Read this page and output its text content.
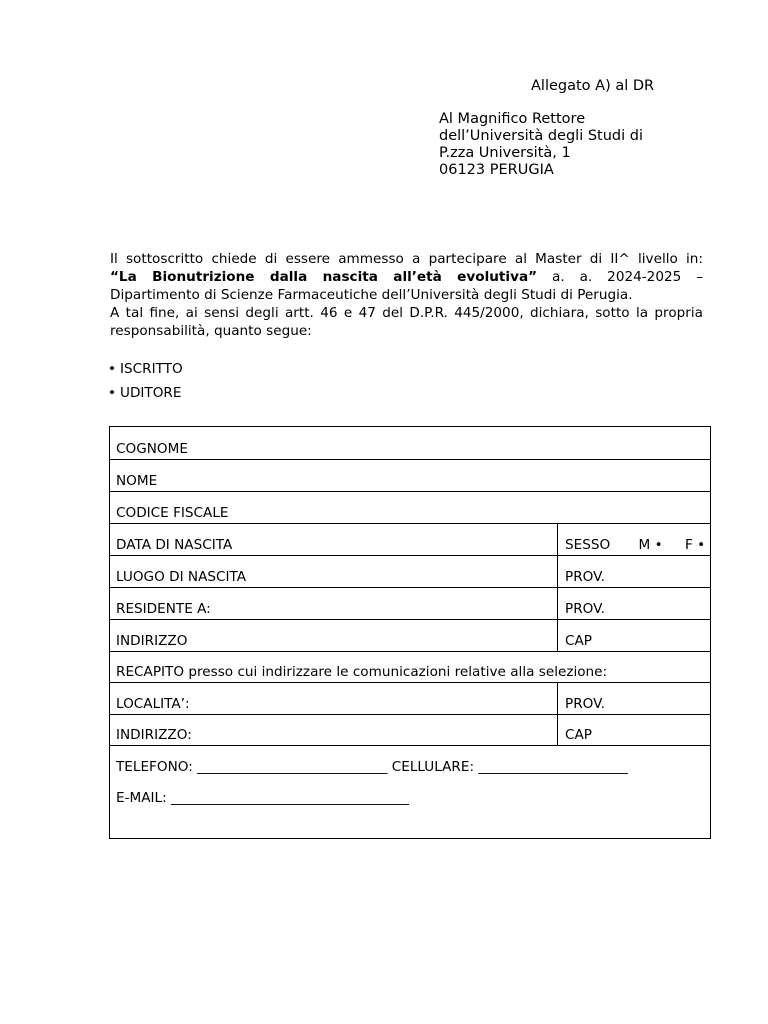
Allegato A) al DR
Al Magnifico Rettore
dell’Università degli Studi di
P.zza Università, 1
06123 PERUGIA
Il sottoscritto chiede di essere ammesso a partecipare al Master di II^ livello in:
“La Bionutrizione dalla nascita all’età evolutiva” a. a. 2024-2025 –
Dipartimento di Scienze Farmaceutiche dell’Università degli Studi di Perugia.
A tal fine, ai sensi degli artt. 46 e 47 del D.P.R. 445/2000, dichiara, sotto la propria
responsabilità, quanto segue:
• ISCRITTO
• UDITORE
COGNOME
NOME
CODICE FISCALE
DATA DI NASCITA	SESSO M • F •
LUOGO DI NASCITA	PROV.
RESIDENTE A:	PROV.
INDIRIZZO	CAP
RECAPITO presso cui indirizzare le comunicazioni relative alla selezione:
LOCALITA’:	PROV.
INDIRIZZO:	CAP
TELEFONO: ____________________________ CELLULARE: ______________________
E-MAIL: ___________________________________
